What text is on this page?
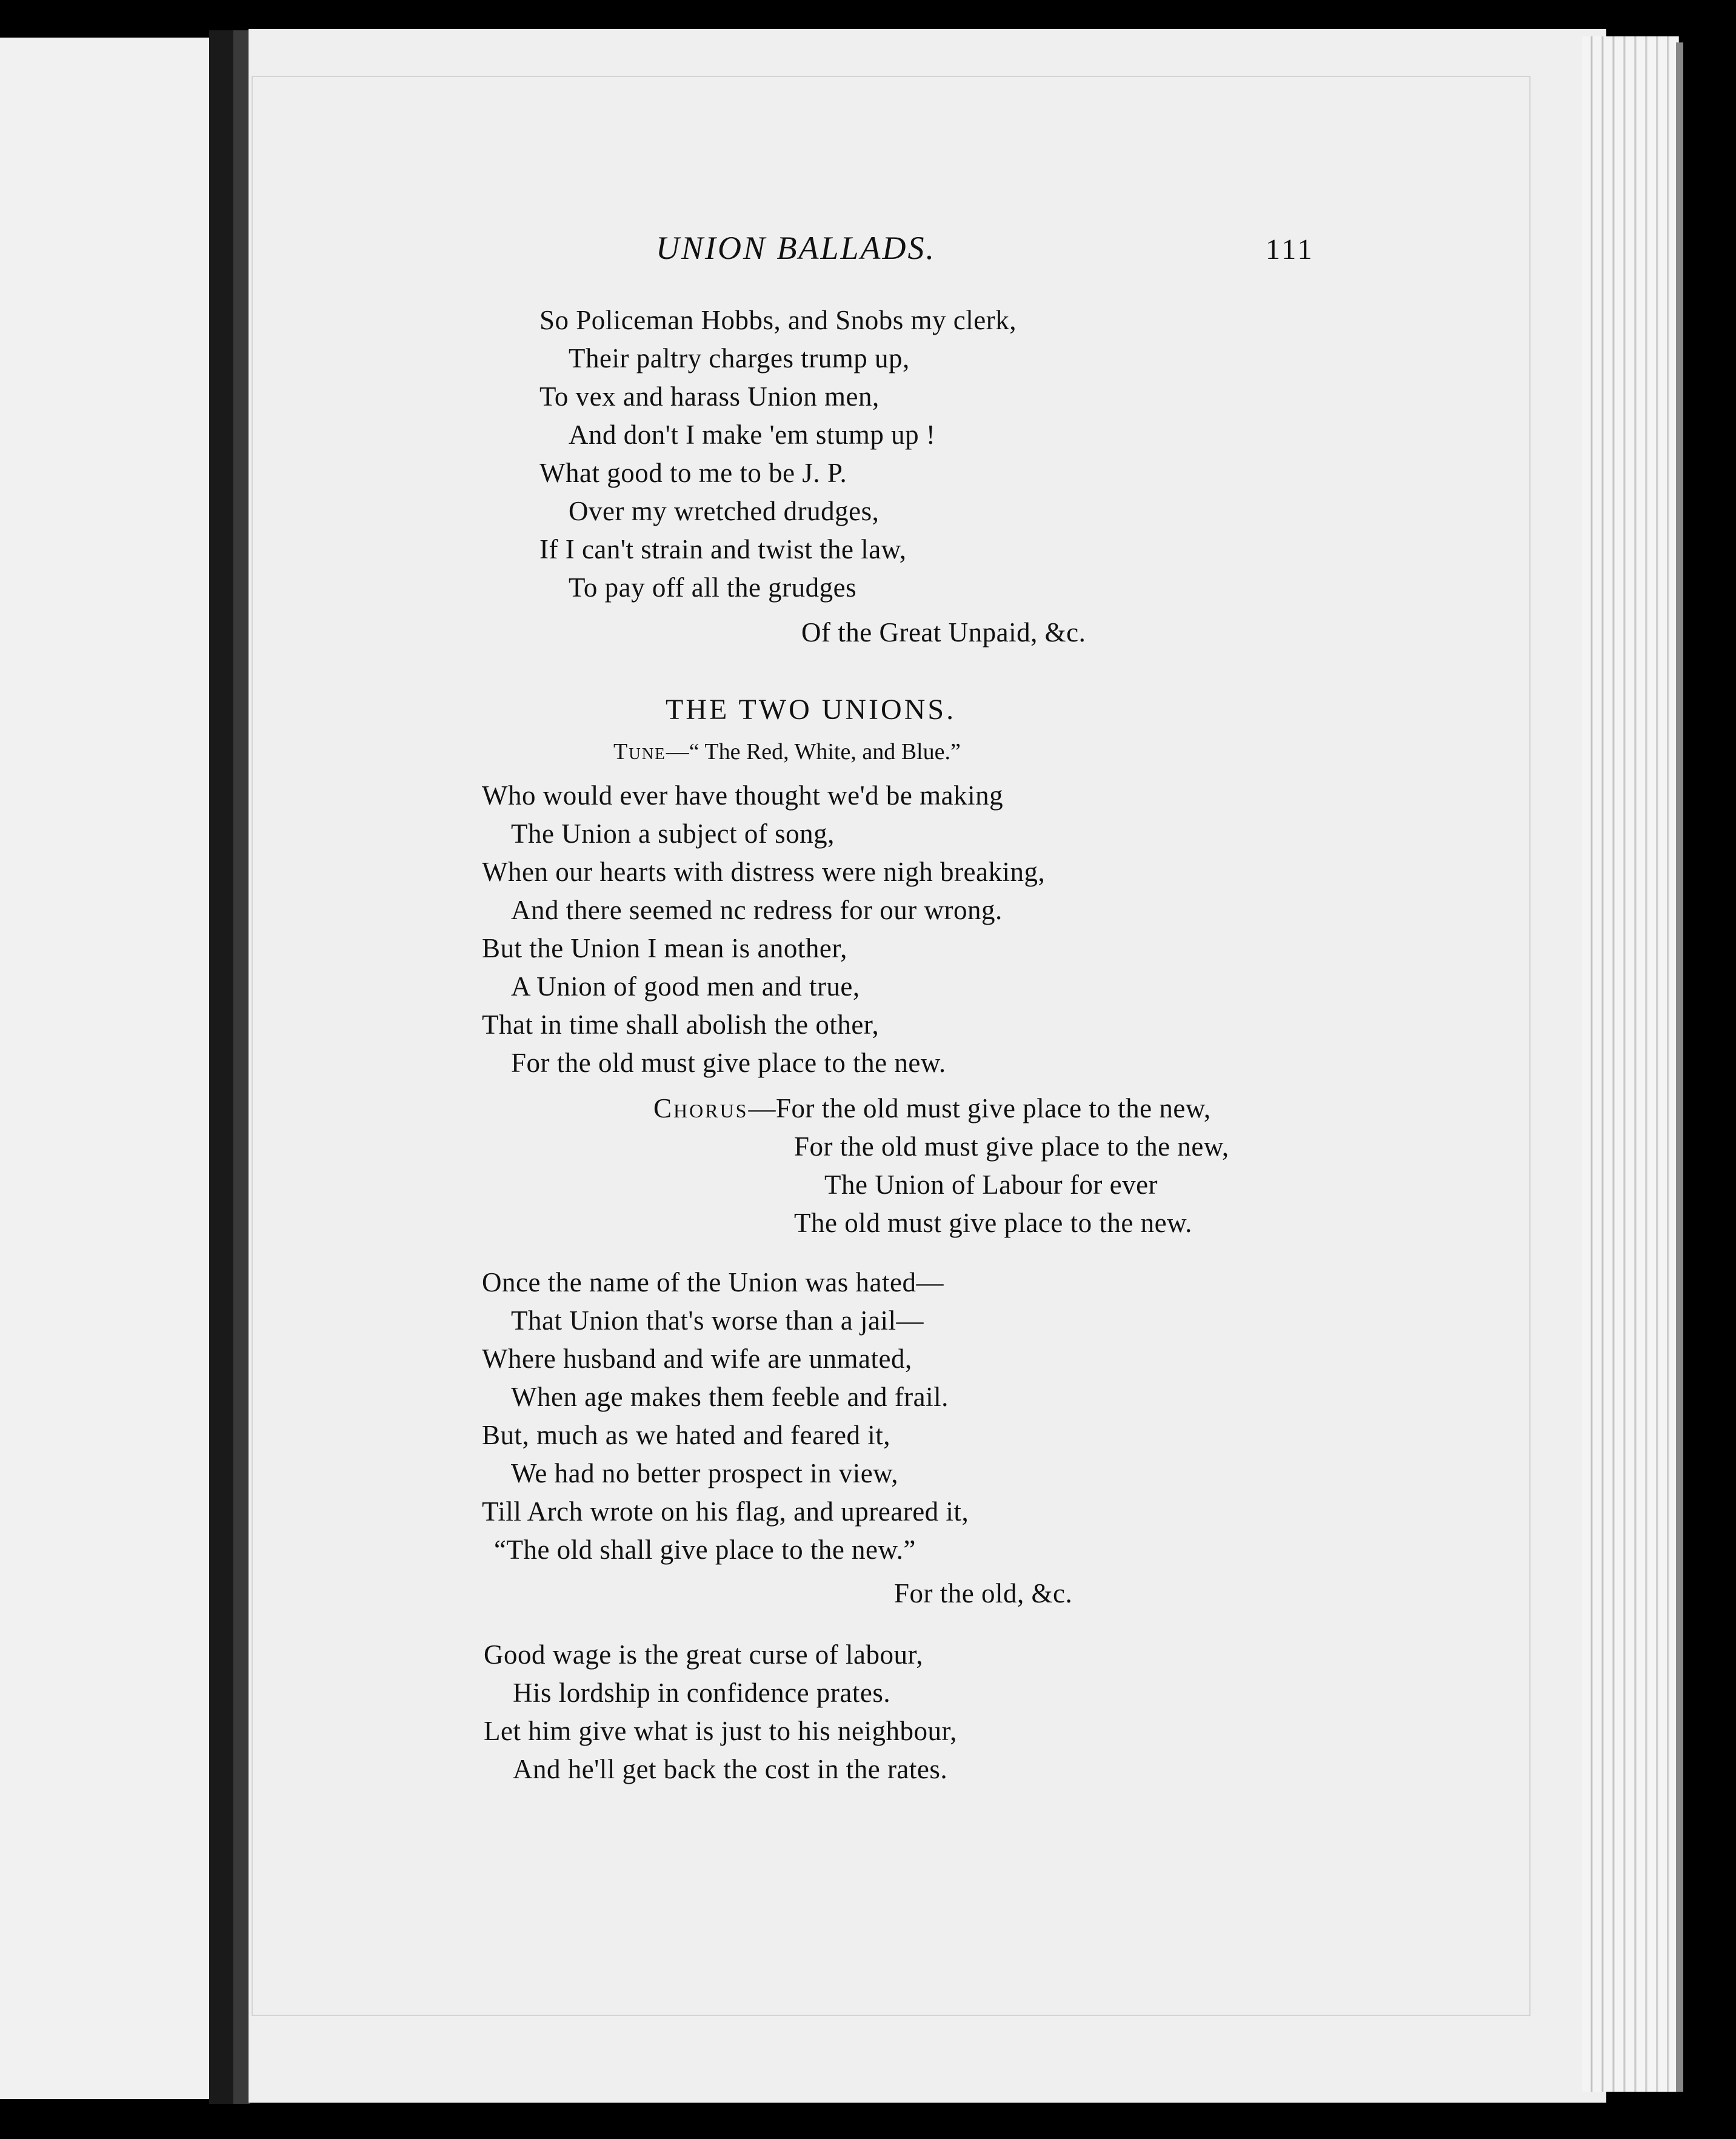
UNION BALLADS.	111
So Policeman Hobbs, and Snobs my clerk,
Their paltry charges trump up,
To vex and harass Union men,
And don't I make 'em stump up !
What good to me to be J. P.
Over my wretched drudges,
If I can't strain and twist the law,
To pay off all the grudges
Of the Great Unpaid, &c.
THE TWO UNIONS.
Tune—“ The Red, White, and Blue.”
Who would ever have thought we'd be making
The Union a subject of song,
When our hearts with distress were nigh breaking,
And there seemed nc redress for our wrong.
But the Union I mean is another,
A Union of good men and true,
That in time shall abolish the other,
For the old must give place to the new.
Chorus—For the old must give place to the new,
For the old must give place to the new,
The Union of Labour for ever
The old must give place to the new.
Once the name of the Union was hated—
That Union that's worse than a jail—
Where husband and wife are unmated,
When age makes them feeble and frail.
But, much as we hated and feared it,
We had no better prospect in view,
Till Arch wrote on his flag, and upreared it,
“The old shall give place to the new.”
For the old, &c.
Good wage is the great curse of labour,
His lordship in confidence prates.
Let him give what is just to his neighbour,
And he'll get back the cost in the rates.
